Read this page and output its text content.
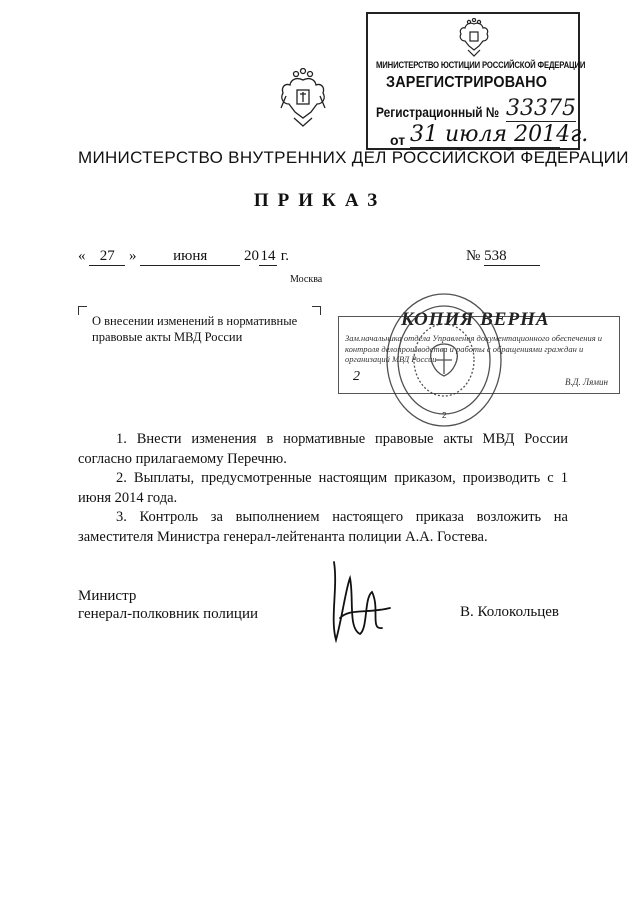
МИНИСТЕРСТВО ЮСТИЦИИ РОССИЙСКОЙ ФЕДЕРАЦИИ
ЗАРЕГИСТРИРОВАНО
Регистрационный № 33375
от 31 июля 2014г.
МИНИСТЕРСТВО ВНУТРЕННИХ ДЕЛ РОССИЙСКОЙ ФЕДЕРАЦИИ
ПРИКАЗ
« 27 » июня 20 14 г.	№ 538
Москва
О внесении изменений в нормативные правовые акты МВД России
КОПИЯ ВЕРНА
Зам.начальника отдела Управления документационного обеспечения и контроля делопроизводства и работы с обращениями граждан и организаций МВД России
2	В.Д. Лямин
2

1. Внести изменения в нормативные правовые акты МВД России согласно прилагаемому Перечню.

2. Выплаты, предусмотренные настоящим приказом, производить с 1 июня 2014 года.

3. Контроль за выполнением настоящего приказа возложить на заместителя Министра генерал-лейтенанта полиции А.А. Гостева.

Министр
генерал-полковник полиции	В. Колокольцев
